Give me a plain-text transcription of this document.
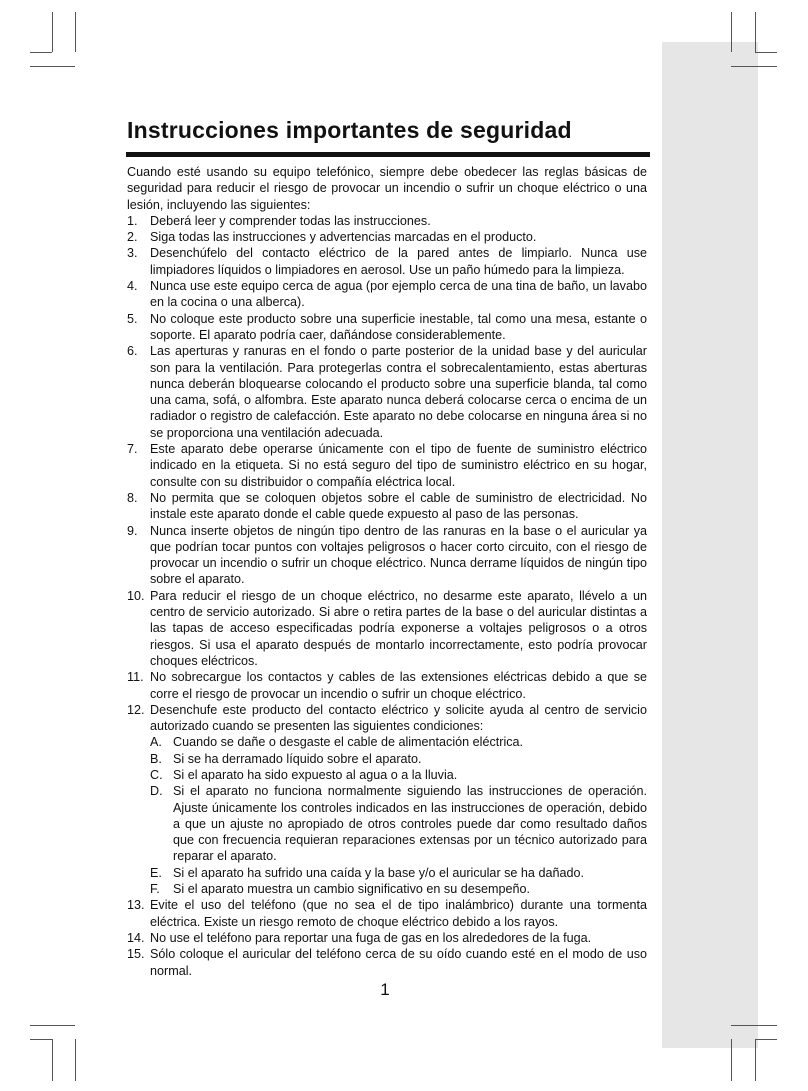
Instrucciones importantes de seguridad

Cuando esté usando su equipo telefónico, siempre debe obedecer las reglas básicas de seguridad para reducir el riesgo de provocar un incendio o sufrir un choque eléctrico o una lesión, incluyendo las siguientes:

1. Deberá leer y comprender todas las instrucciones.
2. Siga todas las instrucciones y advertencias marcadas en el producto.
3. Desenchúfelo del contacto eléctrico de la pared antes de limpiarlo. Nunca use limpiadores líquidos o limpiadores en aerosol. Use un paño húmedo para la limpieza.
4. Nunca use este equipo cerca de agua (por ejemplo cerca de una tina de baño, un lavabo en la cocina o una alberca).
5. No coloque este producto sobre una superficie inestable, tal como una mesa, estante o soporte. El aparato podría caer, dañándose considerablemente.
6. Las aperturas y ranuras en el fondo o parte posterior de la unidad base y del auricular son para la ventilación. Para protegerlas contra el sobrecalentamiento, estas aberturas nunca deberán bloquearse colocando el producto sobre una superficie blanda, tal como una cama, sofá, o alfombra. Este aparato nunca deberá colocarse cerca o encima de un radiador o registro de calefacción. Este aparato no debe colocarse en ninguna área si no se proporciona una ventilación adecuada.
7. Este aparato debe operarse únicamente con el tipo de fuente de suministro eléctrico indicado en la etiqueta. Si no está seguro del tipo de suministro eléctrico en su hogar, consulte con su distribuidor o compañía eléctrica local.
8. No permita que se coloquen objetos sobre el cable de suministro de electricidad. No instale este aparato donde el cable quede expuesto al paso de las personas.
9. Nunca inserte objetos de ningún tipo dentro de las ranuras en la base o el auricular ya que podrían tocar puntos con voltajes peligrosos o hacer corto circuito, con el riesgo de provocar un incendio o sufrir un choque eléctrico. Nunca derrame líquidos de ningún tipo sobre el aparato.
10. Para reducir el riesgo de un choque eléctrico, no desarme este aparato, llévelo a un centro de servicio autorizado. Si abre o retira partes de la base o del auricular distintas a las tapas de acceso especificadas podría exponerse a voltajes peligrosos o a otros riesgos. Si usa el aparato después de montarlo incorrectamente, esto podría provocar choques eléctricos.
11. No sobrecargue los contactos y cables de las extensiones eléctricas debido a que se corre el riesgo de provocar un incendio o sufrir un choque eléctrico.
12. Desenchufe este producto del contacto eléctrico y solicite ayuda al centro de servicio autorizado cuando se presenten las siguientes condiciones:
A. Cuando se dañe o desgaste el cable de alimentación eléctrica.
B. Si se ha derramado líquido sobre el aparato.
C. Si el aparato ha sido expuesto al agua o a la lluvia.
D. Si el aparato no funciona normalmente siguiendo las instrucciones de operación. Ajuste únicamente los controles indicados en las instrucciones de operación, debido a que un ajuste no apropiado de otros controles puede dar como resultado daños que con frecuencia requieran reparaciones extensas por un técnico autorizado para reparar el aparato.
E. Si el aparato ha sufrido una caída y la base y/o el auricular se ha dañado.
F. Si el aparato muestra un cambio significativo en su desempeño.
13. Evite el uso del teléfono (que no sea el de tipo inalámbrico) durante una tormenta eléctrica. Existe un riesgo remoto de choque eléctrico debido a los rayos.
14. No use el teléfono para reportar una fuga de gas en los alrededores de la fuga.
15. Sólo coloque el auricular del teléfono cerca de su oído cuando esté en el modo de uso normal.
1
